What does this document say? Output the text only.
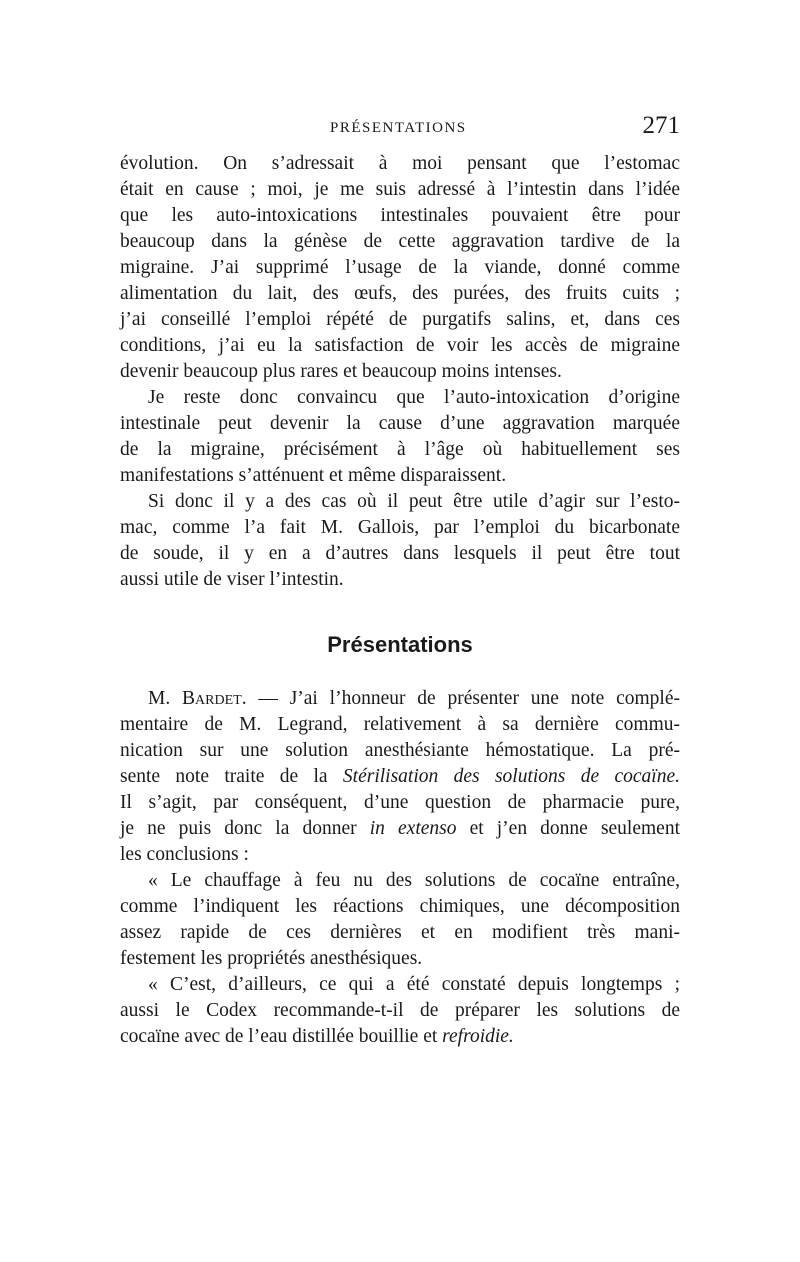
PRÉSENTATIONS	271
évolution. On s’adressait à moi pensant que l’estomac
était en cause ; moi, je me suis adressé à l’intestin dans l’idée
que les auto-intoxications intestinales pouvaient être pour
beaucoup dans la génèse de cette aggravation tardive de la
migraine. J’ai supprimé l’usage de la viande, donné comme
alimentation du lait, des œufs, des purées, des fruits cuits ;
j’ai conseillé l’emploi répété de purgatifs salins, et, dans ces
conditions, j’ai eu la satisfaction de voir les accès de migraine
devenir beaucoup plus rares et beaucoup moins intenses.
Je reste donc convaincu que l’auto-intoxication d’origine
intestinale peut devenir la cause d’une aggravation marquée
de la migraine, précisément à l’âge où habituellement ses
manifestations s’atténuent et même disparaissent.
Si donc il y a des cas où il peut être utile d’agir sur l’esto-
mac, comme l’a fait M. Gallois, par l’emploi du bicarbonate
de soude, il y en a d’autres dans lesquels il peut être tout
aussi utile de viser l’intestin.
Présentations
M. Bardet. — J’ai l’honneur de présenter une note complé-
mentaire de M. Legrand, relativement à sa dernière commu-
nication sur une solution anesthésiante hémostatique. La pré-
sente note traite de la Stérilisation des solutions de cocaïne.
Il s’agit, par conséquent, d’une question de pharmacie pure,
je ne puis donc la donner in extenso et j’en donne seulement
les conclusions :
« Le chauffage à feu nu des solutions de cocaïne entraîne,
comme l’indiquent les réactions chimiques, une décomposition
assez rapide de ces dernières et en modifient très mani-
festement les propriétés anesthésiques.
« C’est, d’ailleurs, ce qui a été constaté depuis longtemps ;
aussi le Codex recommande-t-il de préparer les solutions de
cocaïne avec de l’eau distillée bouillie et refroidie.
